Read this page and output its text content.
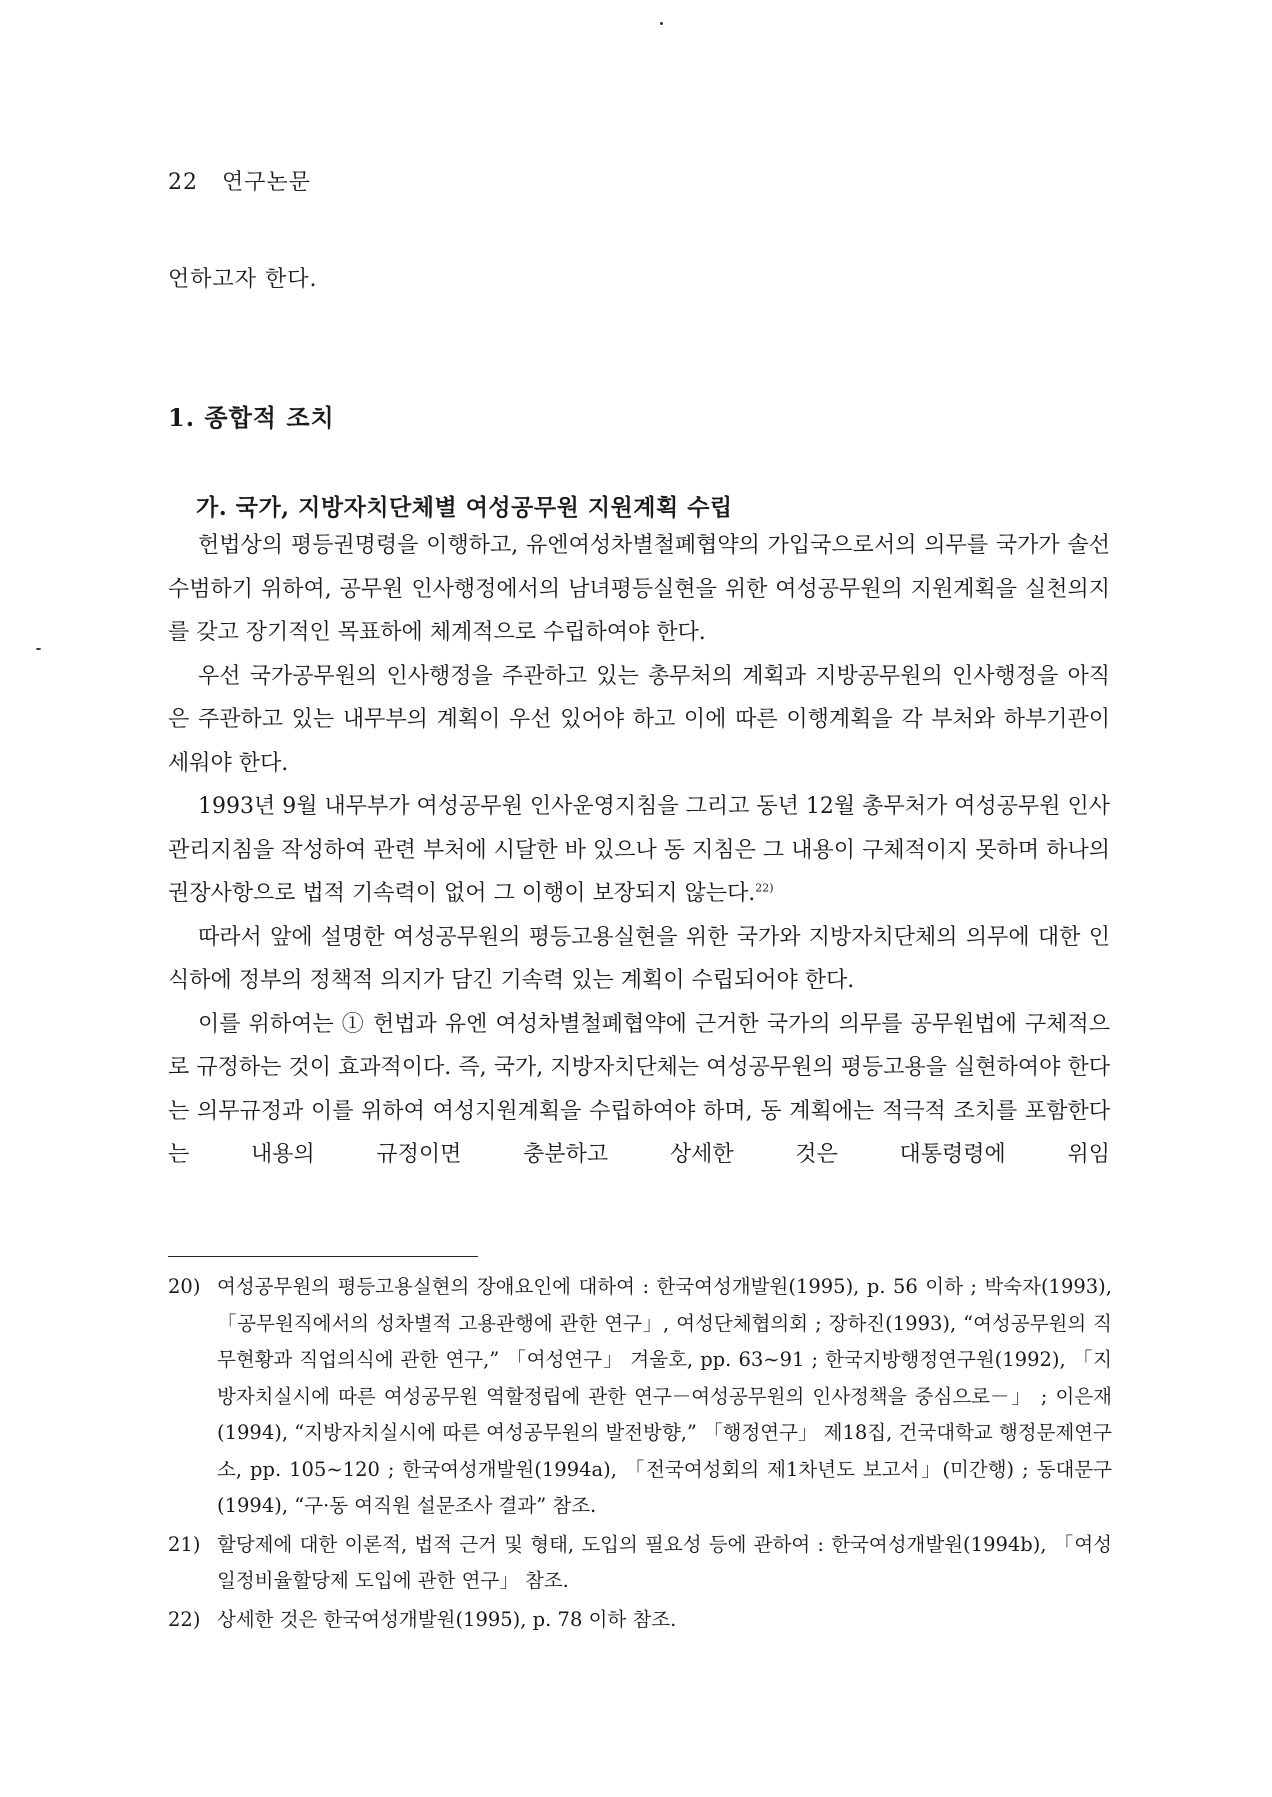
22 연구논문
언하고자 한다.
1. 종합적 조치
가. 국가, 지방자치단체별 여성공무원 지원계획 수립

헌법상의 평등권명령을 이행하고, 유엔여성차별철폐협약의 가입국으로서의 의무를 국가가 솔선 수범하기 위하여, 공무원 인사행정에서의 남녀평등실현을 위한 여성공무원의 지원계획을 실천의지를 갖고 장기적인 목표하에 체계적으로 수립하여야 한다.

우선 국가공무원의 인사행정을 주관하고 있는 총무처의 계획과 지방공무원의 인사행정을 아직은 주관하고 있는 내무부의 계획이 우선 있어야 하고 이에 따른 이행계획을 각 부처와 하부기관이 세워야 한다.

1993년 9월 내무부가 여성공무원 인사운영지침을 그리고 동년 12월 총무처가 여성공무원 인사관리지침을 작성하여 관련 부처에 시달한 바 있으나 동 지침은 그 내용이 구체적이지 못하며 하나의 권장사항으로 법적 기속력이 없어 그 이행이 보장되지 않는다.$^{22)}$

따라서 앞에 설명한 여성공무원의 평등고용실현을 위한 국가와 지방자치단체의 의무에 대한 인식하에 정부의 정책적 의지가 담긴 기속력 있는 계획이 수립되어야 한다.

이를 위하여는 ① 헌법과 유엔 여성차별철폐협약에 근거한 국가의 의무를 공무원법에 구체적으로 규정하는 것이 효과적이다. 즉, 국가, 지방자치단체는 여성공무원의 평등고용을 실현하여야 한다는 의무규정과 이를 위하여 여성지원계획을 수립하여야 하며, 동 계획에는 적극적 조치를 포함한다는 내용의 규정이면 충분하고 상세한 것은 대통령령에 위임

20) 여성공무원의 평등고용실현의 장애요인에 대하여 : 한국여성개발원(1995), p. 56 이하 ; 박숙자(1993), 「공무원직에서의 성차별적 고용관행에 관한 연구」, 여성단체협의회 ; 장하진(1993), “여성공무원의 직무현황과 직업의식에 관한 연구,” 「여성연구」 겨울호, pp. 63∼91 ; 한국지방행정연구원(1992), 「지방자치실시에 따른 여성공무원 역할정립에 관한 연구－여성공무원의 인사정책을 중심으로－」 ; 이은재(1994), “지방자치실시에 따른 여성공무원의 발전방향,” 「행정연구」 제18집, 건국대학교 행정문제연구소, pp. 105∼120 ; 한국여성개발원(1994a), 「전국여성회의 제1차년도 보고서」(미간행) ; 동대문구(1994), “구·동 여직원 설문조사 결과” 참조.
21) 할당제에 대한 이론적, 법적 근거 및 형태, 도입의 필요성 등에 관하여 : 한국여성개발원(1994b), 「여성일정비율할당제 도입에 관한 연구」 참조.
22) 상세한 것은 한국여성개발원(1995), p. 78 이하 참조.
